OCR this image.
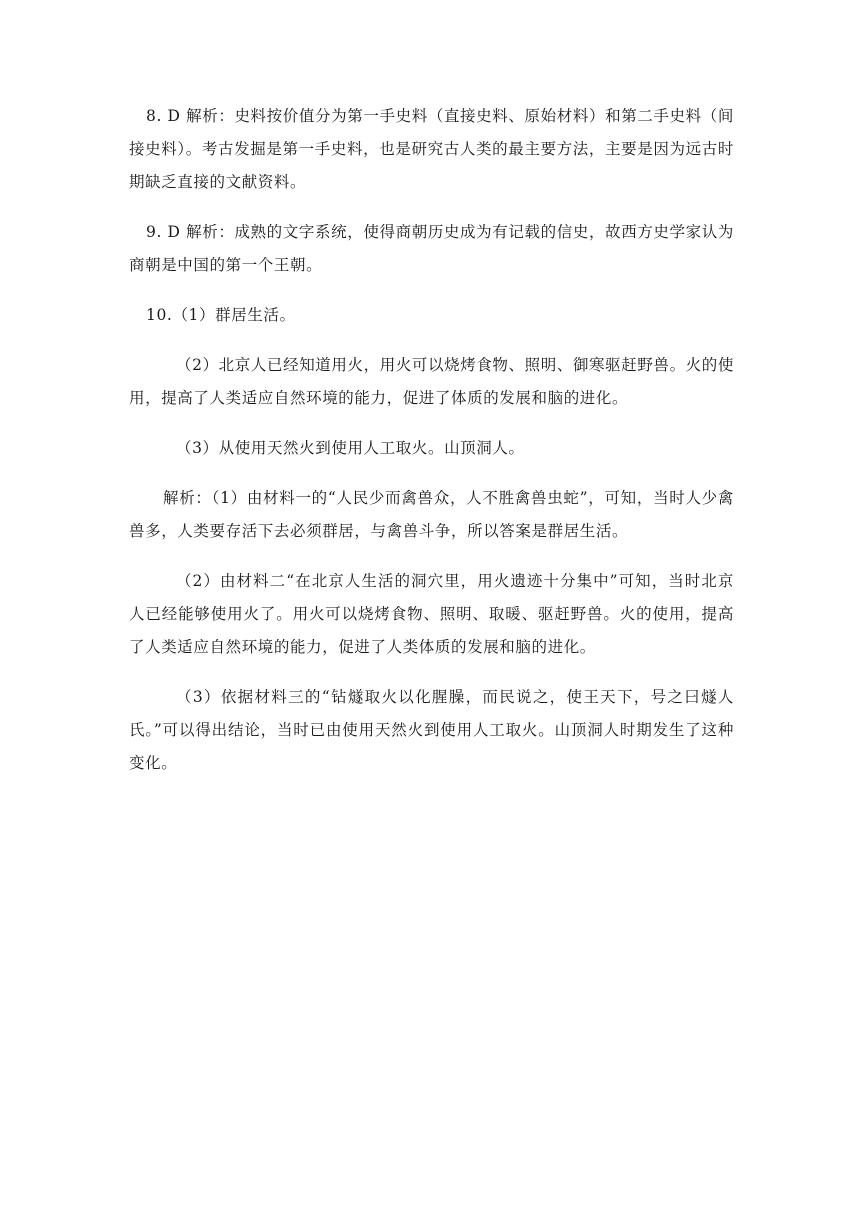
8. D 解析：史料按价值分为第一手史料（直接史料、原始材料）和第二手史料（间接史料）。考古发掘是第一手史料，也是研究古人类的最主要方法，主要是因为远古时期缺乏直接的文献资料。

9. D 解析：成熟的文字系统，使得商朝历史成为有记载的信史，故西方史学家认为商朝是中国的第一个王朝。

10.（1）群居生活。

（2）北京人已经知道用火，用火可以烧烤食物、照明、御寒驱赶野兽。火的使用，提高了人类适应自然环境的能力，促进了体质的发展和脑的进化。

（3）从使用天然火到使用人工取火。山顶洞人。

解析：（1）由材料一的“人民少而禽兽众，人不胜禽兽虫蛇”，可知，当时人少禽兽多，人类要存活下去必须群居，与禽兽斗争，所以答案是群居生活。

（2）由材料二“在北京人生活的洞穴里，用火遗迹十分集中”可知，当时北京人已经能够使用火了。用火可以烧烤食物、照明、取暖、驱赶野兽。火的使用，提高了人类适应自然环境的能力，促进了人类体质的发展和脑的进化。

（3）依据材料三的“钻燧取火以化腥臊，而民说之，使王天下，号之曰燧人氏。”可以得出结论，当时已由使用天然火到使用人工取火。山顶洞人时期发生了这种变化。
